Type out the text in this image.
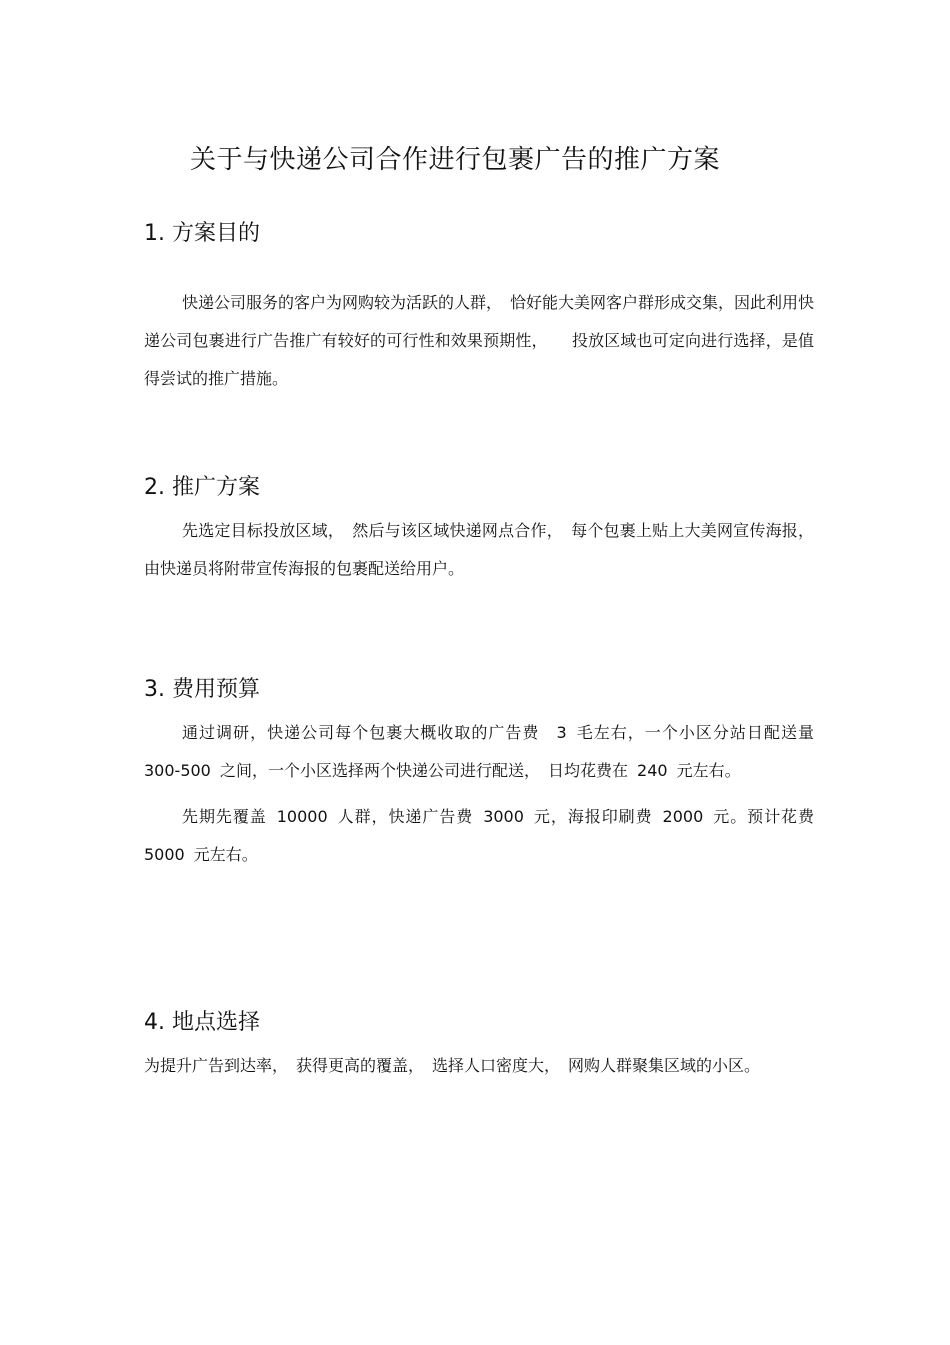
关于与快递公司合作进行包裹广告的推广方案
1. 方案目的

快递公司服务的客户为网购较为活跃的人群，　恰好能大美网客户群形成交集，因此利用快递公司包裹进行广告推广有较好的可行性和效果预期性，　　投放区域也可定向进行选择，是值得尝试的推广措施。

2. 推广方案

先选定目标投放区域，　然后与该区域快递网点合作，　每个包裹上贴上大美网宣传海报，由快递员将附带宣传海报的包裹配送给用户。

3. 费用预算

通过调研，快递公司每个包裹大概收取的广告费　3 毛左右，一个小区分站日配送量 300-500 之间，一个小区选择两个快递公司进行配送，　日均花费在 240 元左右。

先期先覆盖 10000 人群，快递广告费 3000 元，海报印刷费 2000 元。预计花费 5000 元左右。

4. 地点选择

为提升广告到达率，　获得更高的覆盖，　选择人口密度大，　网购人群聚集区域的小区。
